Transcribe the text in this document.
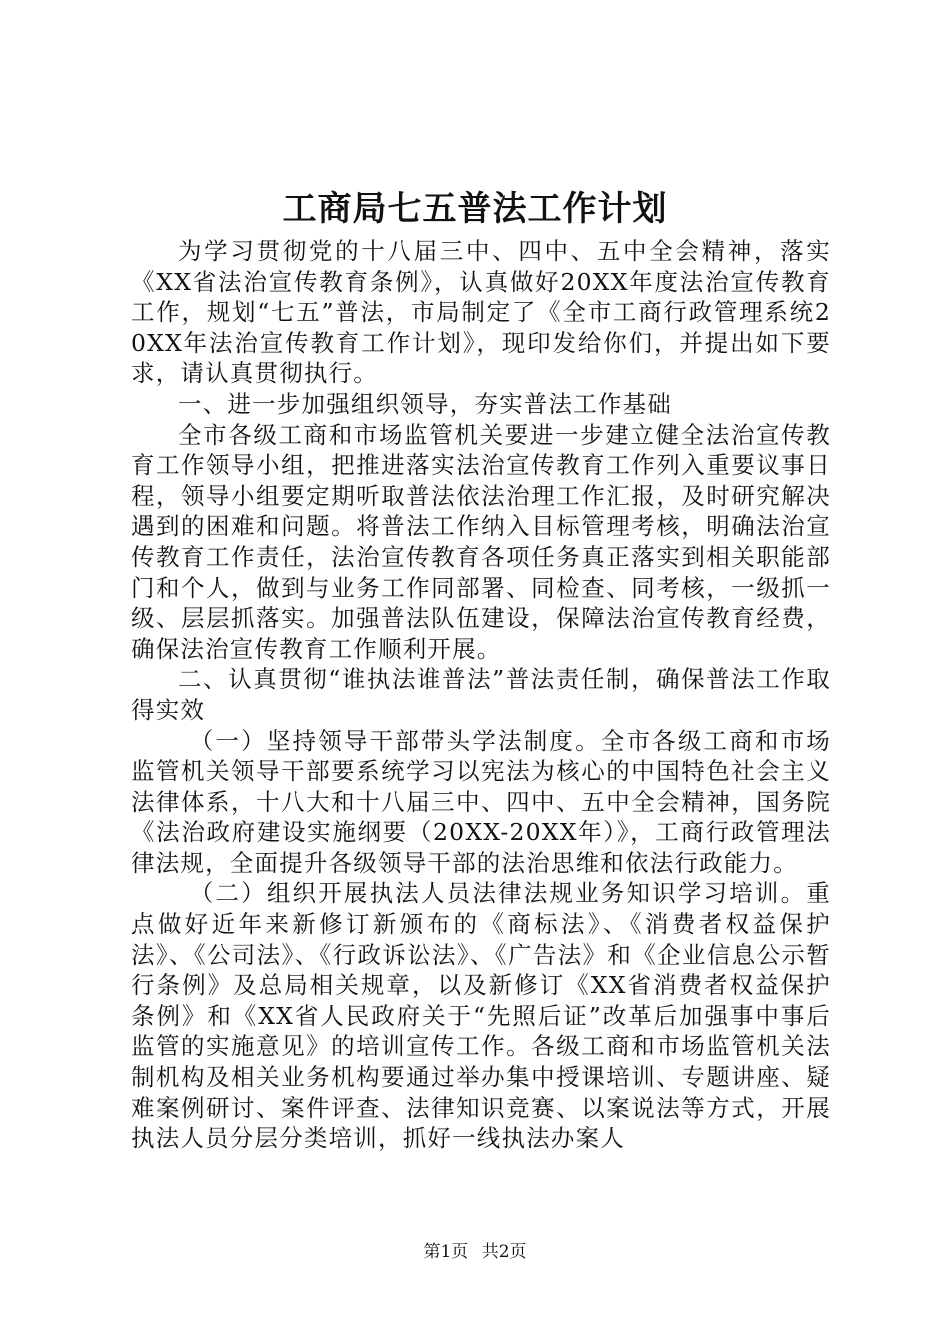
工商局七五普法工作计划

为学习贯彻党的十八届三中、四中、五中全会精神，落实《XX省法治宣传教育条例》，认真做好20XX年度法治宣传教育工作，规划“七五”普法，市局制定了《全市工商行政管理系统20XX年法治宣传教育工作计划》，现印发给你们，并提出如下要求，请认真贯彻执行。

一、进一步加强组织领导，夯实普法工作基础

全市各级工商和市场监管机关要进一步建立健全法治宣传教育工作领导小组，把推进落实法治宣传教育工作列入重要议事日程，领导小组要定期听取普法依法治理工作汇报，及时研究解决遇到的困难和问题。将普法工作纳入目标管理考核，明确法治宣传教育工作责任，法治宣传教育各项任务真正落实到相关职能部门和个人，做到与业务工作同部署、同检查、同考核，一级抓一级、层层抓落实。加强普法队伍建设，保障法治宣传教育经费，确保法治宣传教育工作顺利开展。

二、认真贯彻“谁执法谁普法”普法责任制，确保普法工作取得实效

（一）坚持领导干部带头学法制度。全市各级工商和市场监管机关领导干部要系统学习以宪法为核心的中国特色社会主义法律体系，十八大和十八届三中、四中、五中全会精神，国务院《法治政府建设实施纲要（20XX-20XX年）》，工商行政管理法律法规，全面提升各级领导干部的法治思维和依法行政能力。

（二）组织开展执法人员法律法规业务知识学习培训。重点做好近年来新修订新颁布的《商标法》、《消费者权益保护法》、《公司法》、《行政诉讼法》、《广告法》和《企业信息公示暂行条例》及总局相关规章，以及新修订《XX省消费者权益保护条例》和《XX省人民政府关于“先照后证”改革后加强事中事后监管的实施意见》的培训宣传工作。各级工商和市场监管机关法制机构及相关业务机构要通过举办集中授课培训、专题讲座、疑难案例研讨、案件评查、法律知识竞赛、以案说法等方式，开展执法人员分层分类培训，抓好一线执法办案人

第1页 共2页
